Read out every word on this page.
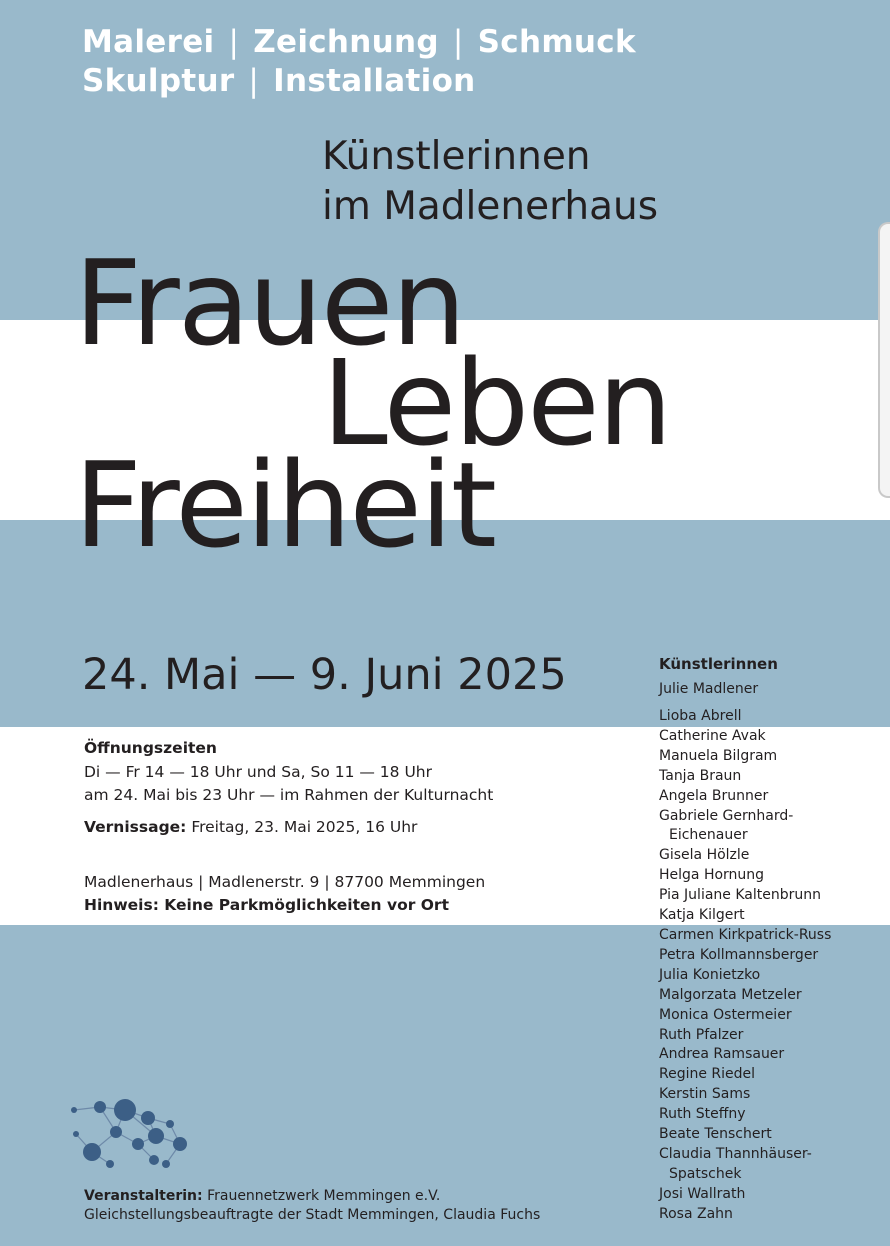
Malerei | Zeichnung | Schmuck
Skulptur | Installation
Künstlerinnen
im Madlenerhaus
Frauen
Leben
Freiheit
24. Mai — 9. Juni 2025
Öffnungszeiten
Di — Fr 14 — 18 Uhr und Sa, So 11 — 18 Uhr
am 24. Mai bis 23 Uhr — im Rahmen der Kulturnacht
Vernissage: Freitag, 23. Mai 2025, 16 Uhr
Madlenerhaus | Madlenerstr. 9 | 87700 Memmingen
Hinweis: Keine Parkmöglichkeiten vor Ort
Künstlerinnen
Julie Madlener
Lioba Abrell
Catherine Avak
Manuela Bilgram
Tanja Braun
Angela Brunner
Gabriele Gernhard-
Eichenauer
Gisela Hölzle
Helga Hornung
Pia Juliane Kaltenbrunn
Katja Kilgert
Carmen Kirkpatrick-Russ
Petra Kollmannsberger
Julia Konietzko
Malgorzata Metzeler
Monica Ostermeier
Ruth Pfalzer
Andrea Ramsauer
Regine Riedel
Kerstin Sams
Ruth Steffny
Beate Tenschert
Claudia Thannhäuser-
Spatschek
Josi Wallrath
Rosa Zahn
Veranstalterin: Frauennetzwerk Memmingen e.V.
Gleichstellungsbeauftragte der Stadt Memmingen, Claudia Fuchs
